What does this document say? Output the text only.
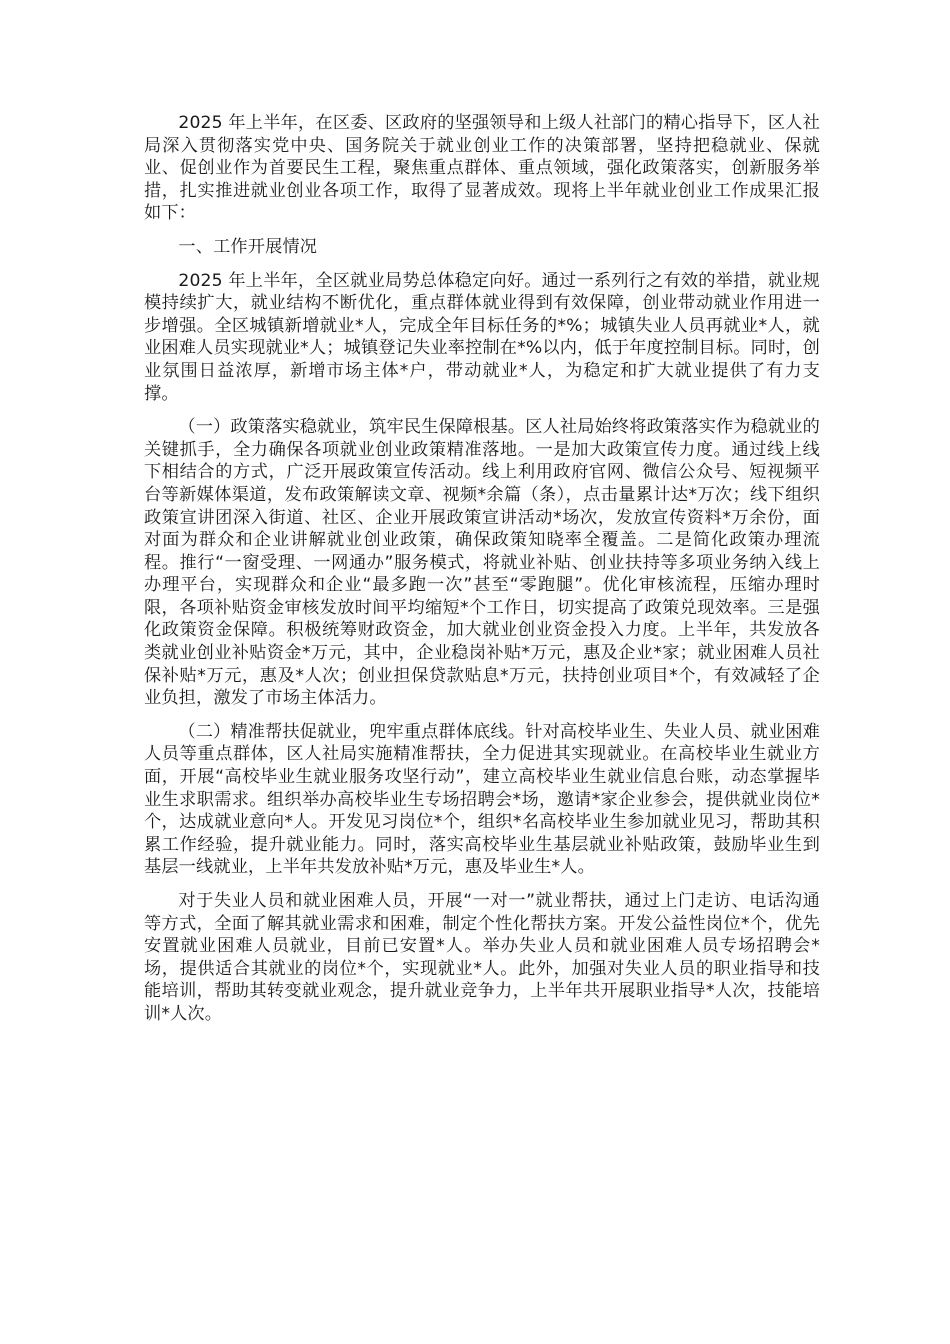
2025 年上半年，在区委、区政府的坚强领导和上级人社部门的精心指导下，区人社局深入贯彻落实党中央、国务院关于就业创业工作的决策部署，坚持把稳就业、保就业、促创业作为首要民生工程，聚焦重点群体、重点领域，强化政策落实，创新服务举措，扎实推进就业创业各项工作，取得了显著成效。现将上半年就业创业工作成果汇报如下：

一、工作开展情况

2025 年上半年，全区就业局势总体稳定向好。通过一系列行之有效的举措，就业规模持续扩大，就业结构不断优化，重点群体就业得到有效保障，创业带动就业作用进一步增强。全区城镇新增就业*人，完成全年目标任务的*%；城镇失业人员再就业*人，就业困难人员实现就业*人；城镇登记失业率控制在*%以内，低于年度控制目标。同时，创业氛围日益浓厚，新增市场主体*户，带动就业*人，为稳定和扩大就业提供了有力支撑。

（一）政策落实稳就业，筑牢民生保障根基。区人社局始终将政策落实作为稳就业的关键抓手，全力确保各项就业创业政策精准落地。一是加大政策宣传力度。通过线上线下相结合的方式，广泛开展政策宣传活动。线上利用政府官网、微信公众号、短视频平台等新媒体渠道，发布政策解读文章、视频*余篇（条），点击量累计达*万次；线下组织政策宣讲团深入街道、社区、企业开展政策宣讲活动*场次，发放宣传资料*万余份，面对面为群众和企业讲解就业创业政策，确保政策知晓率全覆盖。二是简化政策办理流程。推行“一窗受理、一网通办”服务模式，将就业补贴、创业扶持等多项业务纳入线上办理平台，实现群众和企业“最多跑一次”甚至“零跑腿”。优化审核流程，压缩办理时限，各项补贴资金审核发放时间平均缩短*个工作日，切实提高了政策兑现效率。三是强化政策资金保障。积极统筹财政资金，加大就业创业资金投入力度。上半年，共发放各类就业创业补贴资金*万元，其中，企业稳岗补贴*万元，惠及企业*家；就业困难人员社保补贴*万元，惠及*人次；创业担保贷款贴息*万元，扶持创业项目*个，有效减轻了企业负担，激发了市场主体活力。

（二）精准帮扶促就业，兜牢重点群体底线。针对高校毕业生、失业人员、就业困难人员等重点群体，区人社局实施精准帮扶，全力促进其实现就业。在高校毕业生就业方面，开展“高校毕业生就业服务攻坚行动”，建立高校毕业生就业信息台账，动态掌握毕业生求职需求。组织举办高校毕业生专场招聘会*场，邀请*家企业参会，提供就业岗位*个，达成就业意向*人。开发见习岗位*个，组织*名高校毕业生参加就业见习，帮助其积累工作经验，提升就业能力。同时，落实高校毕业生基层就业补贴政策，鼓励毕业生到基层一线就业，上半年共发放补贴*万元，惠及毕业生*人。

对于失业人员和就业困难人员，开展“一对一”就业帮扶，通过上门走访、电话沟通等方式，全面了解其就业需求和困难，制定个性化帮扶方案。开发公益性岗位*个，优先安置就业困难人员就业，目前已安置*人。举办失业人员和就业困难人员专场招聘会*场，提供适合其就业的岗位*个，实现就业*人。此外，加强对失业人员的职业指导和技能培训，帮助其转变就业观念，提升就业竞争力，上半年共开展职业指导*人次，技能培训*人次。
